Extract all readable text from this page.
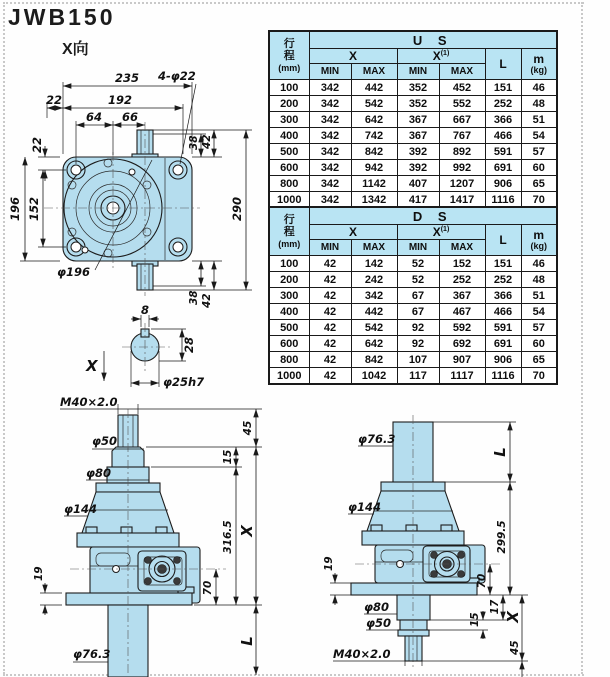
JWB150
X向
235
22	192
64 66
4-φ22
22
196 152
φ196
38 42
38 42
290
8
28
φ25h7
X
M40×2.0
φ50
φ80
φ144
φ76.3
45
15
316.5 X
70
L
19
φ76.3
φ144
φ80
φ50
M40×2.0
L
299.5
70
17
15 X
45
19
行
程
(mm)	U S					
	X		$X^{(1)}$		L	m
(kg)

	MIN	MAX	MIN	MAX		
100	342	442	352	452	151	46
200	342	542	352	552	252	48
300	342	642	367	667	366	51
400	342	742	367	767	466	54
500	342	842	392	892	591	57
600	342	942	392	992	691	60
800	342	1142	407	1207	906	65
1000	342	1342	417	1417	1116	70
行
程
(mm)	D S					
	X		$X^{(1)}$		L	m
(kg)

	MIN	MAX	MIN	MAX		
100	42	142	52	152	151	46
200	42	242	52	252	252	48
300	42	342	67	367	366	51
400	42	442	67	467	466	54
500	42	542	92	592	591	57
600	42	642	92	692	691	60
800	42	842	107	907	906	65
1000	42	1042	117	1117	1116	70
